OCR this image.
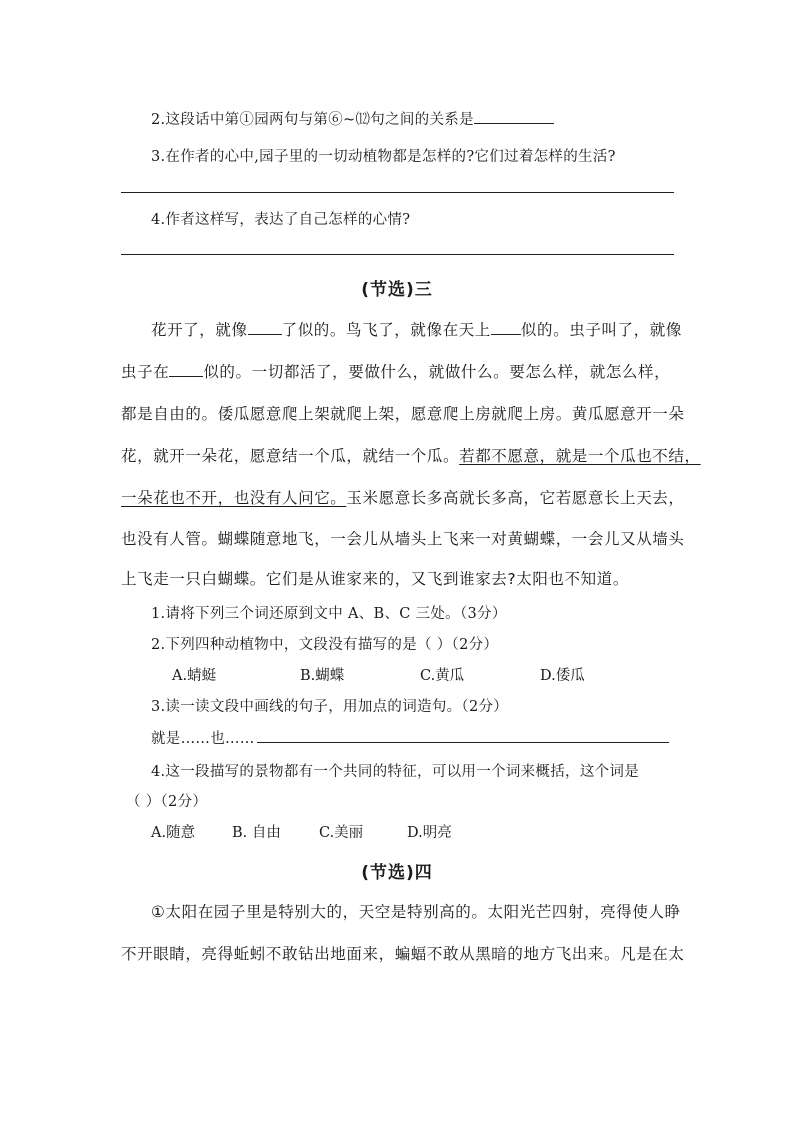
2.这段话中第①园两句与第⑥~⑿句之间的关系是
3.在作者的心中,园子里的一切动植物都是怎样的?它们过着怎样的生活?
4.作者这样写，表达了自己怎样的心情?
(节选)三
花开了，就像 了似的。鸟飞了，就像在天上 似的。虫子叫了，就像
虫子在 似的。一切都活了，要做什么，就做什么。要怎么样，就怎么样，
都是自由的。倭瓜愿意爬上架就爬上架，愿意爬上房就爬上房。黄瓜愿意开一朵
花，就开一朵花，愿意结一个瓜，就结一个瓜。若都不愿意，就是一个瓜也不结，
一朵花也不开，也没有人问它。玉米愿意长多高就长多高，它若愿意长上天去，
也没有人管。蝴蝶随意地飞，一会儿从墙头上飞来一对黄蝴蝶，一会儿又从墙头
上飞走一只白蝴蝶。它们是从谁家来的，又飞到谁家去?太阳也不知道。
1.请将下列三个词还原到文中 A、B、C 三处。（3分）
2.下列四种动植物中，文段没有描写的是（ ）（2分）
A.蜻蜓	B.蝴蝶	C.黄瓜	D.倭瓜
3.读一读文段中画线的句子，用加点的词造句。（2分）
就是……也……
4.这一段描写的景物都有一个共同的特征，可以用一个词来概括，这个词是
（ ）（2分）
A.随意	B. 自由	C.美丽	D.明亮
(节选)四
①太阳在园子里是特别大的，天空是特别高的。太阳光芒四射，亮得使人睁
不开眼睛，亮得蚯蚓不敢钻出地面来，蝙蝠不敢从黑暗的地方飞出来。凡是在太
